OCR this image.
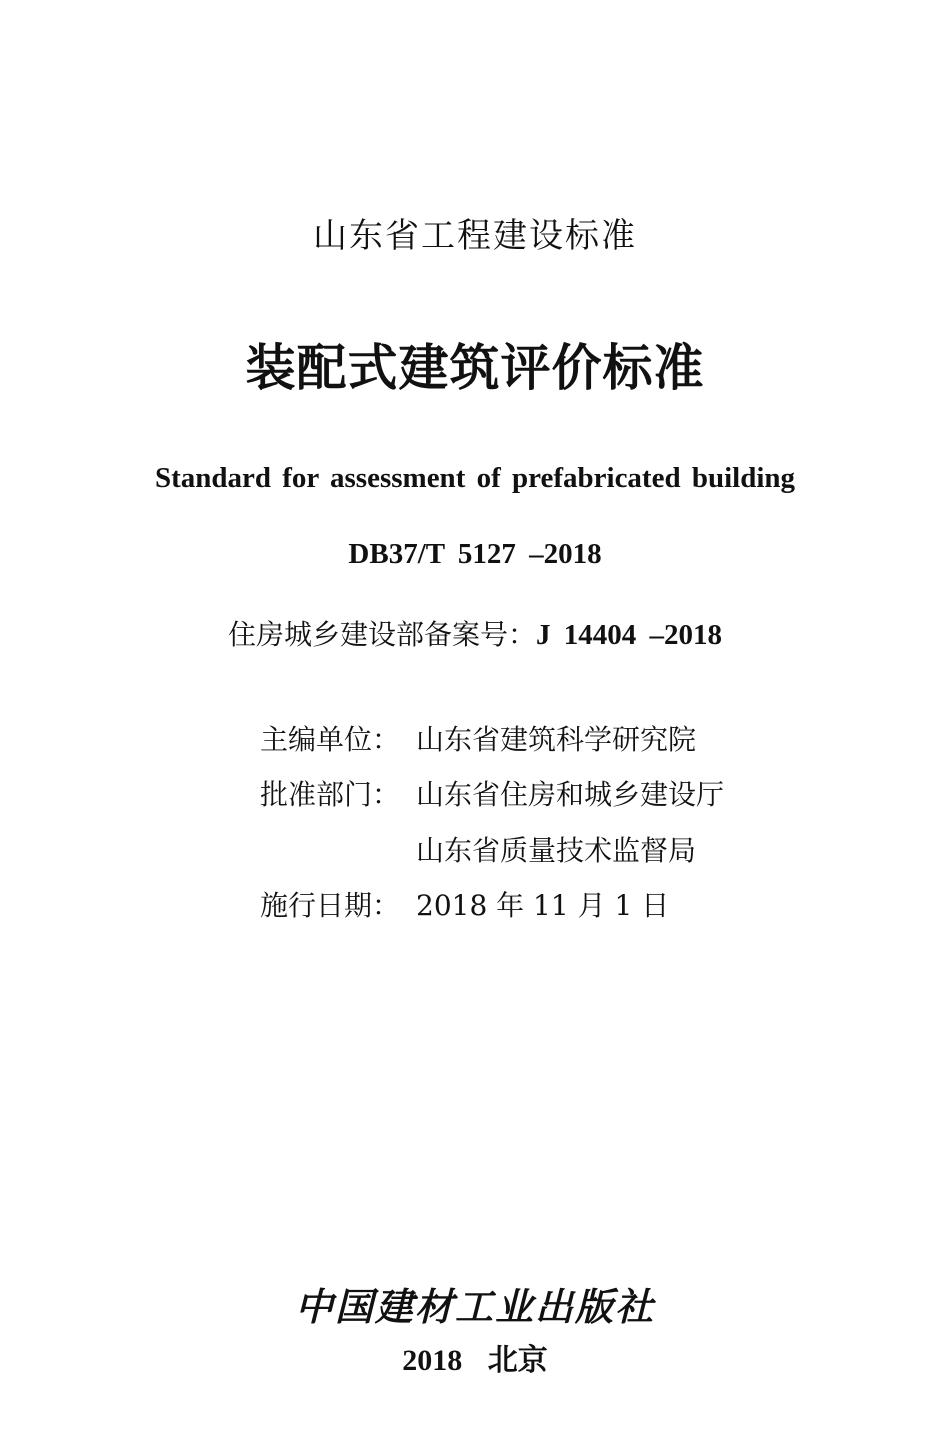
山东省工程建设标准
装配式建筑评价标准
Standard for assessment of prefabricated building
DB37/T 5127 –2018
住房城乡建设部备案号：J 14404 –2018
主编单位： 山东省建筑科学研究院
批准部门： 山东省住房和城乡建设厅
山东省质量技术监督局
施行日期： 2018 年 11 月 1 日
中国建材工业出版社
2018 北京
